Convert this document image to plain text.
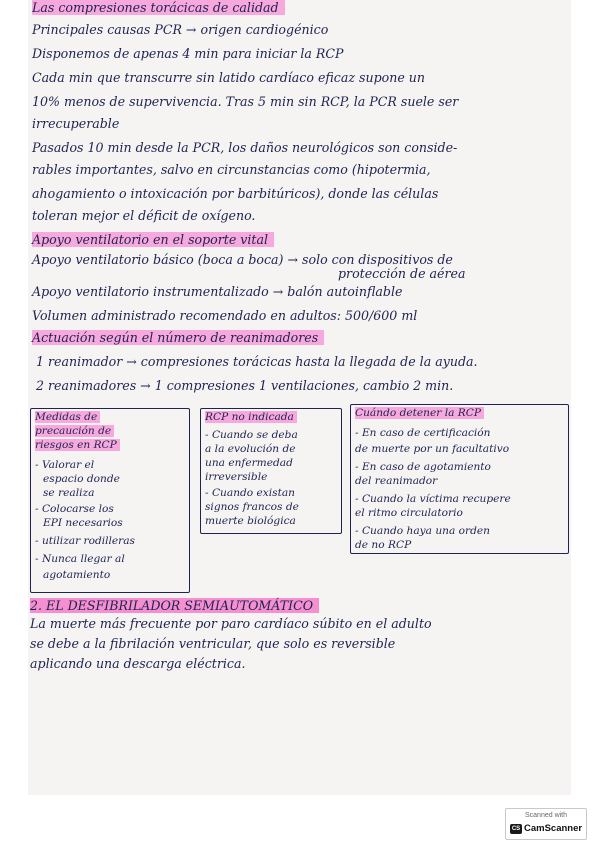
Las compresiones torácicas de calidad
Principales causas PCR → origen cardiogénico
Disponemos de apenas 4 min para iniciar la RCP
Cada min que transcurre sin latido cardíaco eficaz supone un
10% menos de supervivencia. Tras 5 min sin RCP, la PCR suele ser
irrecuperable
Pasados 10 min desde la PCR, los daños neurológicos son conside-
rables importantes, salvo en circunstancias como (hipotermia,
ahogamiento o intoxicación por barbitúricos), donde las células
toleran mejor el déficit de oxígeno.
Apoyo ventilatorio en el soporte vital
Apoyo ventilatorio básico (boca a boca) → solo con dispositivos de
protección de aérea
Apoyo ventilatorio instrumentalizado → balón autoinflable
Volumen administrado recomendado en adultos: 500/600 ml
Actuación según el número de reanimadores
1 reanimador → compresiones torácicas hasta la llegada de la ayuda.
2 reanimadores → 1 compresiones 1 ventilaciones, cambio 2 min.
Medidas de
precaución de
riesgos en RCP
- Valorar el
espacio donde
se realiza
- Colocarse los
EPI necesarios
- utilizar rodilleras
- Nunca llegar al
agotamiento
RCP no indicada
- Cuando se deba
a la evolución de
una enfermedad
irreversible
- Cuando existan
signos francos de
muerte biológica
Cuándo detener la RCP
- En caso de certificación
de muerte por un facultativo
- En caso de agotamiento
del reanimador
- Cuando la víctima recupere
el ritmo circulatorio
- Cuando haya una orden
de no RCP
2. EL DESFIBRILADOR SEMIAUTOMÁTICO
La muerte más frecuente por paro cardíaco súbito en el adulto
se debe a la fibrilación ventricular, que solo es reversible
aplicando una descarga eléctrica.
Scanned with
CS CamScanner
